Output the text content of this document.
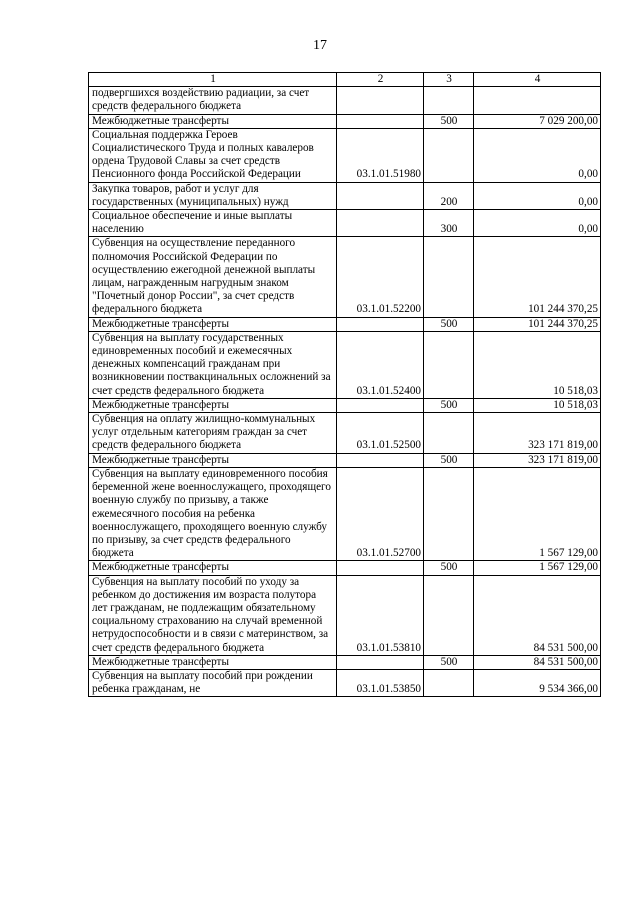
17
1	2	3	4
подвергшихся воздействию радиации, за счет средств федерального бюджета			
Межбюджетные трансферты		500	7 029 200,00
Социальная поддержка Героев Социалистического Труда и полных кавалеров ордена Трудовой Славы за счет средств Пенсионного фонда Российской Федерации	03.1.01.51980		0,00
Закупка товаров, работ и услуг для государственных (муниципальных) нужд		200	0,00
Социальное обеспечение и иные выплаты населению		300	0,00
Субвенция на осуществление переданного полномочия Российской Федерации по осуществлению ежегодной денежной выплаты лицам, награжденным нагрудным знаком "Почетный донор России", за счет средств федерального бюджета	03.1.01.52200		101 244 370,25
Межбюджетные трансферты		500	101 244 370,25
Субвенция на выплату государственных единовременных пособий и ежемесячных денежных компенсаций гражданам при возникновении поствакцинальных осложнений за счет средств федерального бюджета	03.1.01.52400		10 518,03
Межбюджетные трансферты		500	10 518,03
Субвенция на оплату жилищно-коммунальных услуг отдельным категориям граждан за счет средств федерального бюджета	03.1.01.52500		323 171 819,00
Межбюджетные трансферты		500	323 171 819,00
Субвенция на выплату единовременного пособия беременной жене военнослужащего, проходящего военную службу по призыву, а также ежемесячного пособия на ребенка военнослужащего, проходящего военную службу по призыву, за счет средств федерального бюджета	03.1.01.52700		1 567 129,00
Межбюджетные трансферты		500	1 567 129,00
Субвенция на выплату пособий по уходу за ребенком до достижения им возраста полутора лет гражданам, не подлежащим обязательному социальному страхованию на случай временной нетрудоспособности и в связи с материнством, за счет средств федерального бюджета	03.1.01.53810		84 531 500,00
Межбюджетные трансферты		500	84 531 500,00
Субвенция на выплату пособий при рождении ребенка гражданам, не	03.1.01.53850		9 534 366,00
